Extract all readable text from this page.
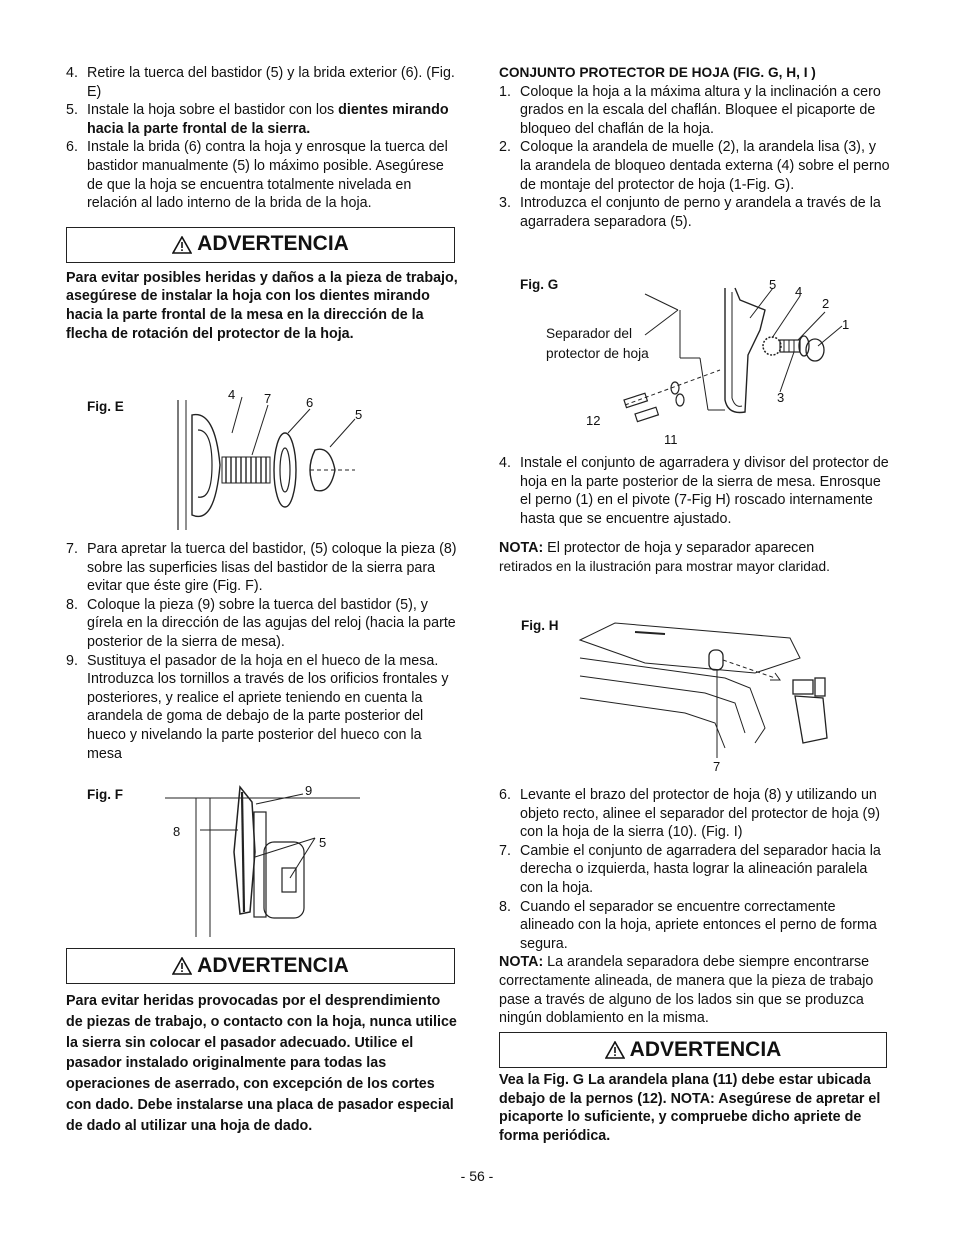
4. Retire la tuerca del bastidor (5) y la brida exterior (6). (Fig. E)
5. Instale la hoja sobre el bastidor con los dientes mirando hacia la parte frontal de la sierra.
6. Instale la brida (6) contra la hoja y enrosque la tuerca del bastidor manualmente (5) lo máximo posible. Asegúrese de que la hoja se encuentra totalmente nivelada en relación al lado interno de la brida de la hoja.
ADVERTENCIA
Para evitar posibles heridas y daños a la pieza de trabajo, asegúrese de instalar la hoja con los dientes mirando hacia la parte frontal de la mesa en la dirección de la flecha de rotación del protector de la hoja.
Fig. E
4 7	6
5
7. Para apretar la tuerca del bastidor, (5) coloque la pieza (8) sobre las superficies lisas del bastidor de la sierra para evitar que éste gire (Fig. F).
8. Coloque la pieza (9) sobre la tuerca del bastidor (5), y gírela en la dirección de las agujas del reloj (hacia la parte posterior de la sierra de mesa).
9. Sustituya el pasador de la hoja en el hueco de la mesa. Introduzca los tornillos a través de los orificios frontales y posteriores, y realice el apriete teniendo en cuenta la arandela de goma de debajo de la parte posterior del hueco y nivelando la parte posterior del hueco con la mesa
Fig. F	9
8
5
ADVERTENCIA
Para evitar heridas provocadas por el desprendimiento de piezas de trabajo, o contacto con la hoja, nunca utilice la sierra sin colocar el pasador adecuado. Utilice el pasador instalado originalmente para todas las operaciones de aserrado, con excepción de los cortes con dado. Debe instalarse una placa de pasador especial de dado al utilizar una hoja de dado.
CONJUNTO PROTECTOR DE HOJA (FIG. G, H, I )
1. Coloque la hoja a la máxima altura y la inclinación a cero grados en la escala del chaflán. Bloquee el picaporte de bloqueo del chaflán de la hoja.
2. Coloque la arandela de muelle (2), la arandela lisa (3), y la arandela de bloqueo dentada externa (4) sobre el perno de montaje del protector de hoja (1-Fig. G).
3. Introduzca el conjunto de perno y arandela a través de la agarradera separadora (5).
Fig. G
Separador del
protector de hoja
5 4
2
1
3
12
11
4. Instale el conjunto de agarradera y divisor del protector de hoja en la parte posterior de la sierra de mesa. Enrosque el perno (1) en el pivote (7-Fig H) roscado internamente hasta que se encuentre ajustado.
NOTA: El protector de hoja y separador aparecen
retirados en la ilustración para mostrar mayor claridad.
Fig. H
7
6. Levante el brazo del protector de hoja (8) y utilizando un objeto recto, alinee el separador del protector de hoja (9) con la hoja de la sierra (10). (Fig. I)
7. Cambie el conjunto de agarradera del separador hacia la derecha o izquierda, hasta lograr la alineación paralela con la hoja.
8. Cuando el separador se encuentre correctamente alineado con la hoja, apriete entonces el perno de forma segura.
NOTA: La arandela separadora debe siempre encontrarse correctamente alineada, de manera que la pieza de trabajo pase a través de alguno de los lados sin que se produzca ningún doblamiento en la misma.
ADVERTENCIA
Vea la Fig. G La arandela plana (11) debe estar ubicada debajo de la pernos (12). NOTA: Asegúrese de apretar el picaporte lo suficiente, y compruebe dicho apriete de forma periódica.
- 56 -
